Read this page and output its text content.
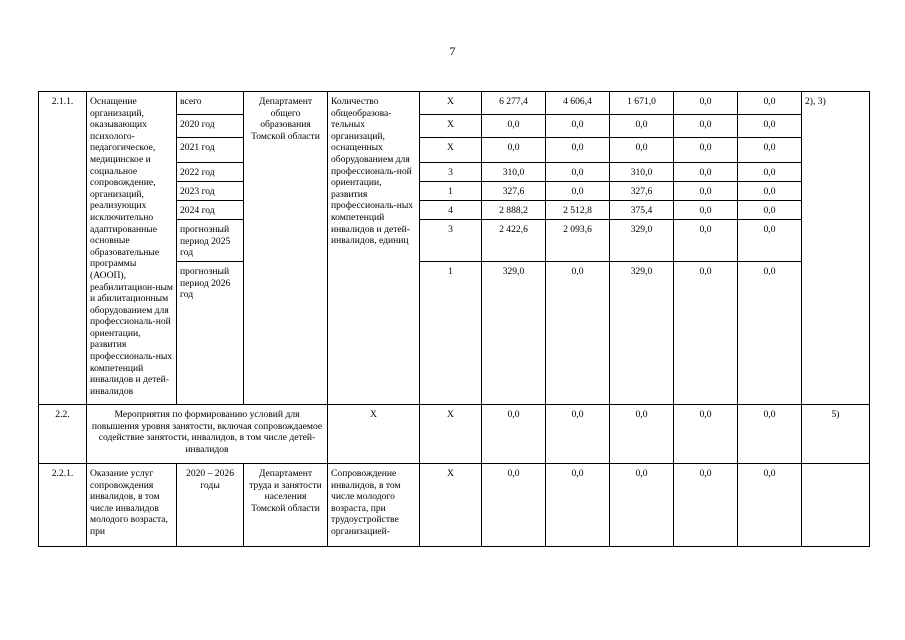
7
2.1.1.	Оснащение организаций, оказывающих психолого-педагогическое, медицинское и социальное сопровождение, организаций, реализующих исключительно адаптированные основные образовательные программы (АООП), реабилитацион-ным и абилитационным оборудованием для профессиональ-ной ориентации, развития профессиональ-ных компетенций инвалидов и детей-инвалидов	всего	Департамент общего образования Томской области	Количество общеобразова-тельных организаций, оснащенных оборудованием для профессиональ-ной ориентации, развития профессиональ-ных компетенций инвалидов и детей-инвалидов, единиц	Х	6 277,4	4 606,4	1 671,0	0,0	0,0	2), 3)
		2020 год			Х	0,0	0,0	0,0	0,0	0,0	
		2021 год			Х	0,0	0,0	0,0	0,0	0,0	
		2022 год			3	310,0	0,0	310,0	0,0	0,0	
		2023 год			1	327,6	0,0	327,6	0,0	0,0	
		2024 год			4	2 888,2	2 512,8	375,4	0,0	0,0	
		прогнозный период 2025 год			3	2 422,6	2 093,6	329,0	0,0	0,0	
		прогнозный период 2026 год			1	329,0	0,0	329,0	0,0	0,0	
2.2.	Мероприятия по формированию условий для повышения уровня занятости, включая сопровождаемое содействие занятости, инвалидов, в том числе детей-инвалидов			Х	Х	0,0	0,0	0,0	0,0	0,0	5)
2.2.1.	Оказание услуг сопровождения инвалидов, в том числе инвалидов молодого возраста, при	2020 – 2026 годы	Департамент труда и занятости населения Томской области	Сопровождение инвалидов, в том числе молодого возраста, при трудоустройстве организацией-	Х	0,0	0,0	0,0	0,0	0,0	
